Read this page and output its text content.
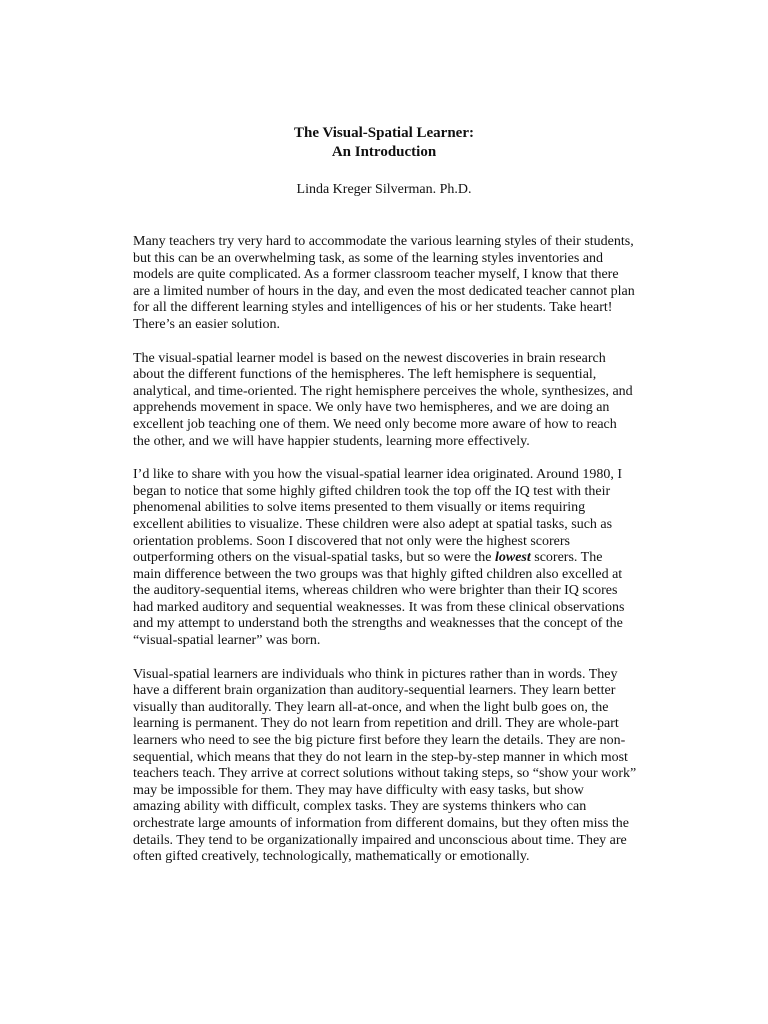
The Visual-Spatial Learner:
An Introduction
Linda Kreger Silverman. Ph.D.

Many teachers try very hard to accommodate the various learning styles of their students,
but this can be an overwhelming task, as some of the learning styles inventories and
models are quite complicated. As a former classroom teacher myself, I know that there
are a limited number of hours in the day, and even the most dedicated teacher cannot plan
for all the different learning styles and intelligences of his or her students. Take heart!
There’s an easier solution.

The visual-spatial learner model is based on the newest discoveries in brain research
about the different functions of the hemispheres. The left hemisphere is sequential,
analytical, and time-oriented. The right hemisphere perceives the whole, synthesizes, and
apprehends movement in space. We only have two hemispheres, and we are doing an
excellent job teaching one of them. We need only become more aware of how to reach
the other, and we will have happier students, learning more effectively.

I’d like to share with you how the visual-spatial learner idea originated. Around 1980, I
began to notice that some highly gifted children took the top off the IQ test with their
phenomenal abilities to solve items presented to them visually or items requiring
excellent abilities to visualize. These children were also adept at spatial tasks, such as
orientation problems. Soon I discovered that not only were the highest scorers
outperforming others on the visual-spatial tasks, but so were the lowest scorers. The
main difference between the two groups was that highly gifted children also excelled at
the auditory-sequential items, whereas children who were brighter than their IQ scores
had marked auditory and sequential weaknesses. It was from these clinical observations
and my attempt to understand both the strengths and weaknesses that the concept of the
“visual-spatial learner” was born.

Visual-spatial learners are individuals who think in pictures rather than in words. They
have a different brain organization than auditory-sequential learners. They learn better
visually than auditorally. They learn all-at-once, and when the light bulb goes on, the
learning is permanent. They do not learn from repetition and drill. They are whole-part
learners who need to see the big picture first before they learn the details. They are non-
sequential, which means that they do not learn in the step-by-step manner in which most
teachers teach. They arrive at correct solutions without taking steps, so “show your work”
may be impossible for them. They may have difficulty with easy tasks, but show
amazing ability with difficult, complex tasks. They are systems thinkers who can
orchestrate large amounts of information from different domains, but they often miss the
details. They tend to be organizationally impaired and unconscious about time. They are
often gifted creatively, technologically, mathematically or emotionally.
